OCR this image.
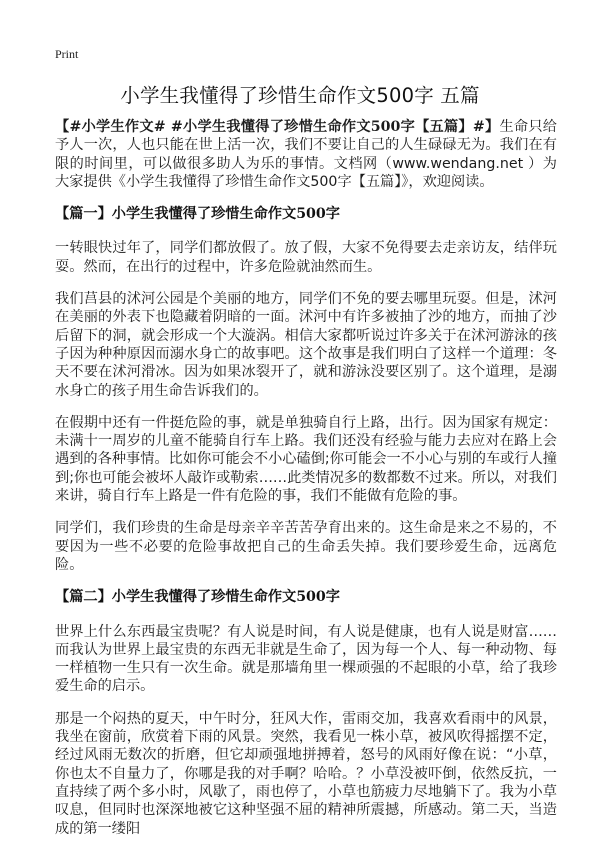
Print
小学生我懂得了珍惜生命作文500字 五篇

【#小学生作文# #小学生我懂得了珍惜生命作文500字【五篇】#】生命只给予人一次，人也只能在世上活一次，我们不要让自己的人生碌碌无为。我们在有限的时间里，可以做很多助人为乐的事情。文档网（www.wendang.net ）为大家提供《小学生我懂得了珍惜生命作文500字【五篇】》，欢迎阅读。

【篇一】小学生我懂得了珍惜生命作文500字

一转眼快过年了，同学们都放假了。放了假，大家不免得要去走亲访友，结伴玩耍。然而，在出行的过程中，许多危险就油然而生。

我们莒县的沭河公园是个美丽的地方，同学们不免的要去哪里玩耍。但是，沭河在美丽的外表下也隐藏着阴暗的一面。沭河中有许多被抽了沙的地方，而抽了沙后留下的洞，就会形成一个大漩涡。相信大家都听说过许多关于在沭河游泳的孩子因为种种原因而溺水身亡的故事吧。这个故事是我们明白了这样一个道理：冬天不要在沭河滑冰。因为如果冰裂开了，就和游泳没要区别了。这个道理，是溺水身亡的孩子用生命告诉我们的。

在假期中还有一件挺危险的事，就是单独骑自行上路，出行。因为国家有规定：未满十一周岁的儿童不能骑自行车上路。我们还没有经验与能力去应对在路上会遇到的各种事情。比如你可能会不小心磕倒;你可能会一不小心与别的车或行人撞到;你也可能会被坏人敲诈或勒索……此类情况多的数都数不过来。所以，对我们来讲，骑自行车上路是一件有危险的事，我们不能做有危险的事。

同学们，我们珍贵的生命是母亲辛辛苦苦孕育出来的。这生命是来之不易的，不要因为一些不必要的危险事故把自己的生命丢失掉。我们要珍爱生命，远离危险。

【篇二】小学生我懂得了珍惜生命作文500字

世界上什么东西最宝贵呢？有人说是时间，有人说是健康，也有人说是财富……而我认为世界上最宝贵的东西无非就是生命了，因为每一个人、每一种动物、每一样植物一生只有一次生命。就是那墙角里一棵顽强的不起眼的小草，给了我珍爱生命的启示。

那是一个闷热的夏天，中午时分，狂风大作，雷雨交加，我喜欢看雨中的风景，我坐在窗前，欣赏着下雨的风景。突然，我看见一株小草，被风吹得摇摆不定，经过风雨无数次的折磨，但它却顽强地拼搏着，怒号的风雨好像在说：“小草，你也太不自量力了，你哪是我的对手啊？哈哈。？小草没被吓倒，依然反抗，一直持续了两个多小时，风歇了，雨也停了，小草也筋疲力尽地躺下了。我为小草叹息，但同时也深深地被它这种坚强不屈的精神所震撼，所感动。第二天，当造成的第一缕阳
